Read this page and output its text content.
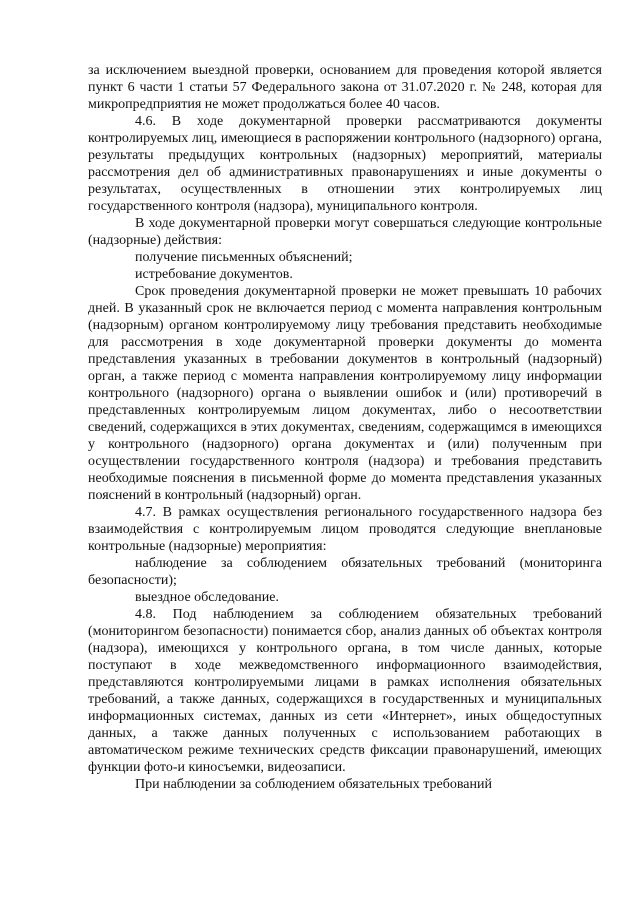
за исключением выездной проверки, основанием для проведения которой является пункт 6 части 1 статьи 57 Федерального закона от 31.07.2020 г. № 248, которая для микропредприятия не может продолжаться более 40 часов.

4.6. В ходе документарной проверки рассматриваются документы контролируемых лиц, имеющиеся в распоряжении контрольного (надзорного) органа, результаты предыдущих контрольных (надзорных) мероприятий, материалы рассмотрения дел об административных правонарушениях и иные документы о результатах, осуществленных в отношении этих контролируемых лиц государственного контроля (надзора), муниципального контроля.

В ходе документарной проверки могут совершаться следующие контрольные (надзорные) действия:

получение письменных объяснений;

истребование документов.

Срок проведения документарной проверки не может превышать 10 рабочих дней. В указанный срок не включается период с момента направления контрольным (надзорным) органом контролируемому лицу требования представить необходимые для рассмотрения в ходе документарной проверки документы до момента представления указанных в требовании документов в контрольный (надзорный) орган, а также период с момента направления контролируемому лицу информации контрольного (надзорного) органа о выявлении ошибок и (или) противоречий в представленных контролируемым лицом документах, либо о несоответствии сведений, содержащихся в этих документах, сведениям, содержащимся в имеющихся у контрольного (надзорного) органа документах и (или) полученным при осуществлении государственного контроля (надзора) и требования представить необходимые пояснения в письменной форме до момента представления указанных пояснений в контрольный (надзорный) орган.

4.7. В рамках осуществления регионального государственного надзора без взаимодействия с контролируемым лицом проводятся следующие внеплановые контрольные (надзорные) мероприятия:

наблюдение за соблюдением обязательных требований (мониторинга безопасности);

выездное обследование.

4.8. Под наблюдением за соблюдением обязательных требований (мониторингом безопасности) понимается сбор, анализ данных об объектах контроля (надзора), имеющихся у контрольного органа, в том числе данных, которые поступают в ходе межведомственного информационного взаимодействия, представляются контролируемыми лицами в рамках исполнения обязательных требований, а также данных, содержащихся в государственных и муниципальных информационных системах, данных из сети «Интернет», иных общедоступных данных, а также данных полученных с использованием работающих в автоматическом режиме технических средств фиксации правонарушений, имеющих функции фото-и киносъемки, видеозаписи.

При наблюдении за соблюдением обязательных требований
